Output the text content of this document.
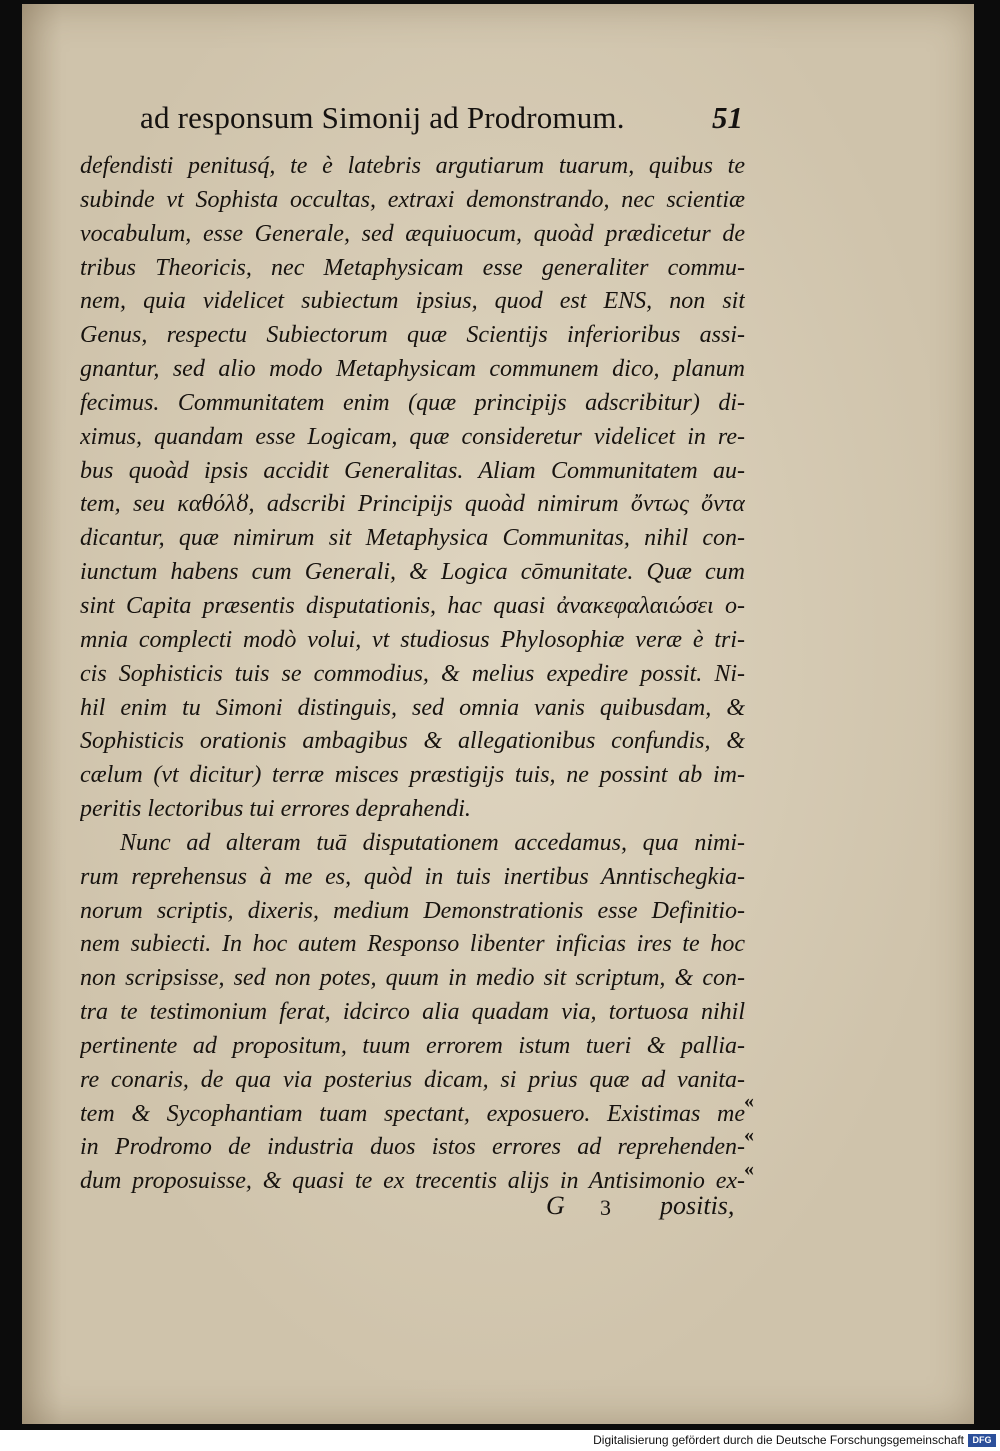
ad responsum Simonij ad Prodromum.	51
defendisti penitusq́, te è latebris argutiarum tuarum, quibus te
subinde vt Sophista occultas, extraxi demonstrando, nec scientiæ
vocabulum, esse Generale, sed æquiuocum, quoàd prædicetur de
tribus Theoricis, nec Metaphysicam esse generaliter commu-
nem, quia videlicet subiectum ipsius, quod est ENS, non sit
Genus, respectu Subiectorum quæ Scientijs inferioribus assi-
gnantur, sed alio modo Metaphysicam communem dico, planum
fecimus. Communitatem enim (quæ principijs adscribitur) di-
ximus, quandam esse Logicam, quæ consideretur videlicet in re-
bus quoàd ipsis accidit Generalitas. Aliam Communitatem au-
tem, seu καθόλȣ, adscribi Principijs quoàd nimirum ὄντως ὄντα
dicantur, quæ nimirum sit Metaphysica Communitas, nihil con-
iunctum habens cum Generali, & Logica cōmunitate. Quæ cum
sint Capita præsentis disputationis, hac quasi ἀνακεφαλαιώσει o-
mnia complecti modò volui, vt studiosus Phylosophiæ veræ è tri-
cis Sophisticis tuis se commodius, & melius expedire possit. Ni-
hil enim tu Simoni distinguis, sed omnia vanis quibusdam, &
Sophisticis orationis ambagibus & allegationibus confundis, &
cælum (vt dicitur) terræ misces præstigijs tuis, ne possint ab im-
peritis lectoribus tui errores deprahendi.
Nunc ad alteram tuā disputationem accedamus, qua nimi-
rum reprehensus à me es, quòd in tuis inertibus Anntischegkia-
norum scriptis, dixeris, medium Demonstrationis esse Definitio-
nem subiecti. In hoc autem Responso libenter inficias ires te hoc
non scripsisse, sed non potes, quum in medio sit scriptum, & con-
tra te testimonium ferat, idcirco alia quadam via, tortuosa nihil
pertinente ad propositum, tuum errorem istum tueri & pallia-
re conaris, de qua via posterius dicam, si prius quæ ad vanita-
tem & Sycophantiam tuam spectant, exposuero. Existimas me
in Prodromo de industria duos istos errores ad reprehenden-
dum proposuisse, & quasi te ex trecentis alijs in Antisimonio ex-
«
«
«
G 3 positis,
Digitalisierung gefördert durch die Deutsche Forschungsgemeinschaft DFG
